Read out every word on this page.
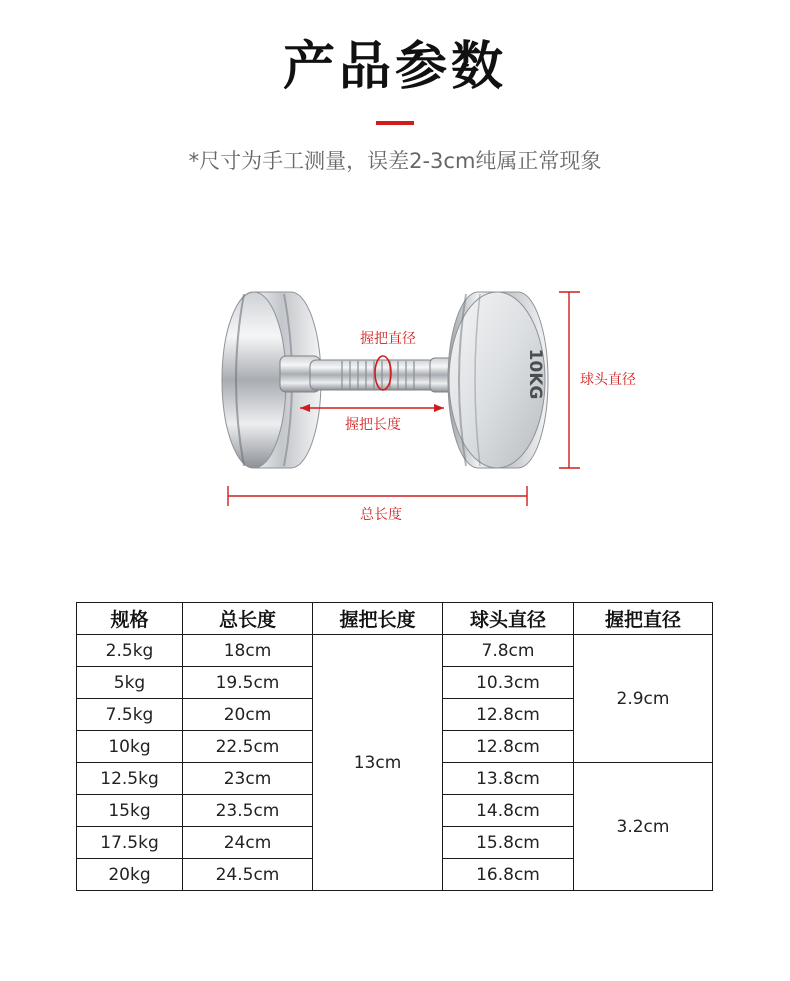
产品参数
*尺寸为手工测量，误差2-3cm纯属正常现象
10KG
握把直径
握把长度
球头直径
总长度
规格	总长度	握把长度	球头直径	握把直径
2.5kg	18cm	13cm	7.8cm	2.9cm
5kg	19.5cm		10.3cm	
7.5kg	20cm		12.8cm	
10kg	22.5cm		12.8cm	
12.5kg	23cm		13.8cm	3.2cm
15kg	23.5cm		14.8cm	
17.5kg	24cm		15.8cm	
20kg	24.5cm		16.8cm	
